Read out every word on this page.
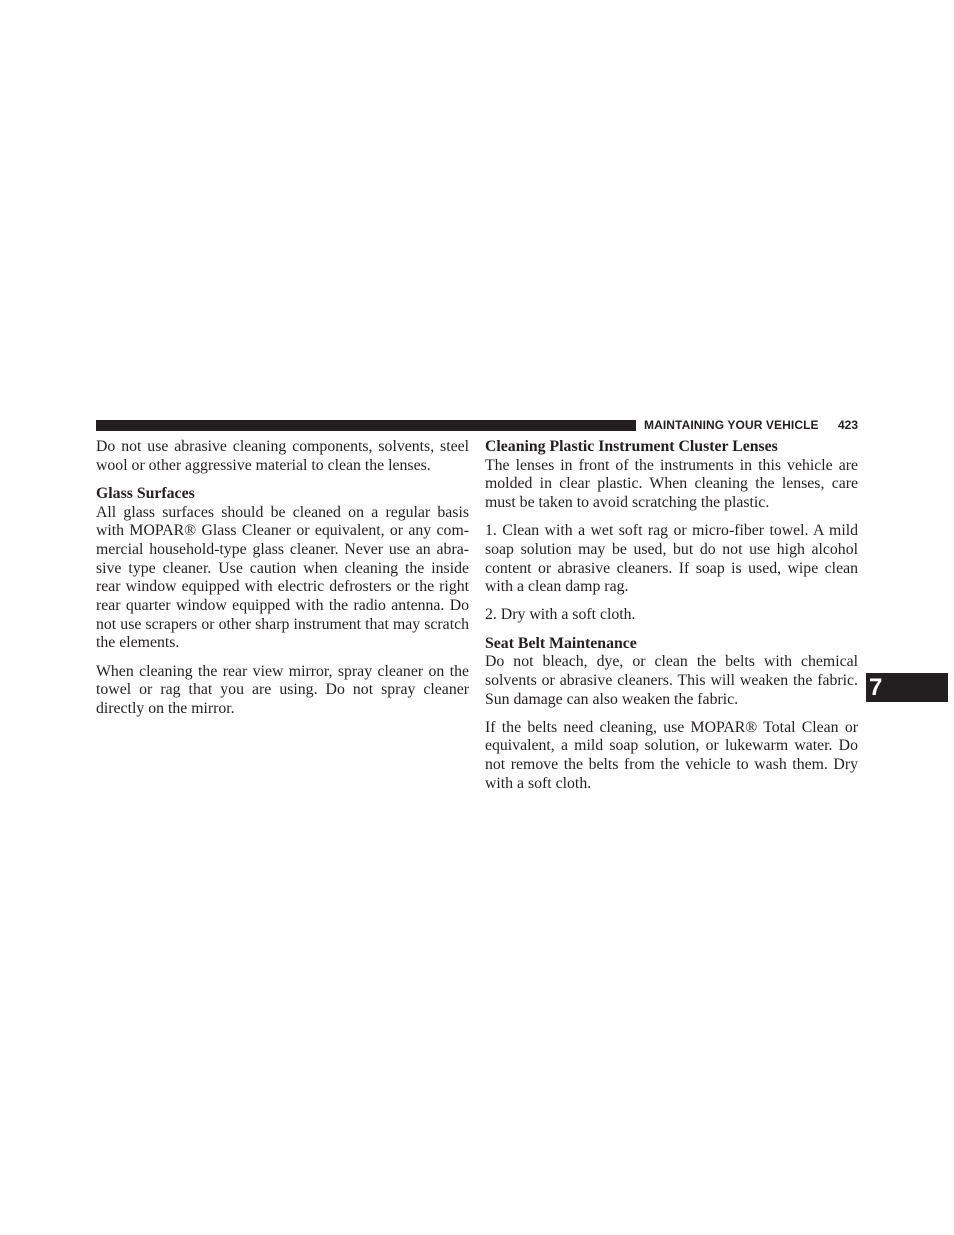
MAINTAINING YOUR VEHICLE 423
7

Do not use abrasive cleaning components, solvents, steel wool or other aggressive material to clean the lenses.

Glass Surfaces

All glass surfaces should be cleaned on a regular basis with MOPAR® Glass Cleaner or equivalent, or any com-mercial household-type glass cleaner. Never use an abra-sive type cleaner. Use caution when cleaning the inside rear window equipped with electric defrosters or the right rear quarter window equipped with the radio antenna. Do not use scrapers or other sharp instrument that may scratch the elements.

When cleaning the rear view mirror, spray cleaner on the towel or rag that you are using. Do not spray cleaner directly on the mirror.

Cleaning Plastic Instrument Cluster Lenses

The lenses in front of the instruments in this vehicle are molded in clear plastic. When cleaning the lenses, care must be taken to avoid scratching the plastic.

1. Clean with a wet soft rag or micro-fiber towel. A mild soap solution may be used, but do not use high alcohol content or abrasive cleaners. If soap is used, wipe clean with a clean damp rag.

2. Dry with a soft cloth.

Seat Belt Maintenance

Do not bleach, dye, or clean the belts with chemical solvents or abrasive cleaners. This will weaken the fabric. Sun damage can also weaken the fabric.

If the belts need cleaning, use MOPAR® Total Clean or equivalent, a mild soap solution, or lukewarm water. Do not remove the belts from the vehicle to wash them. Dry with a soft cloth.
